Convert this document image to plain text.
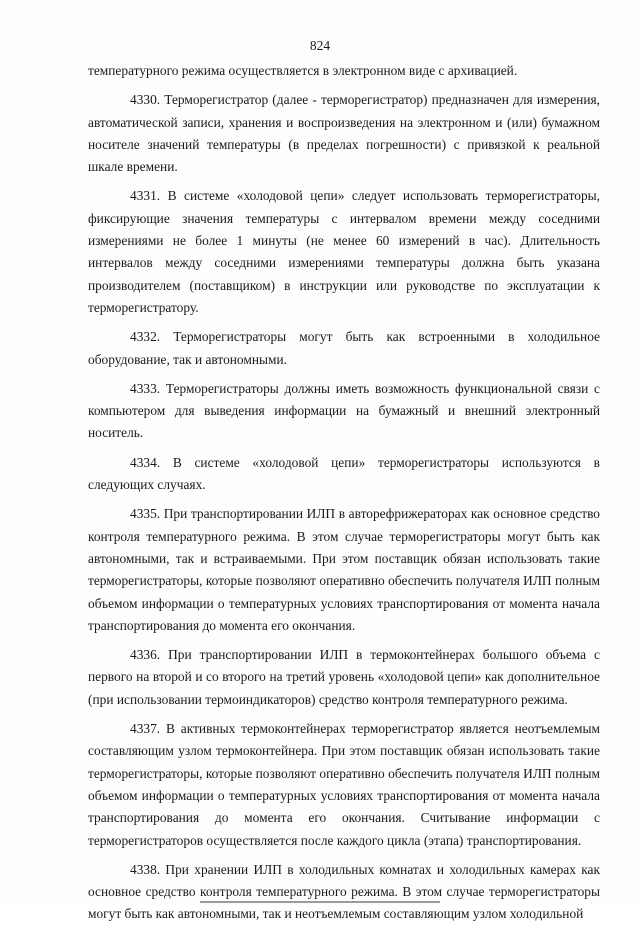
824

температурного режима осуществляется в электронном виде с архивацией.

4330. Терморегистратор (далее - терморегистратор) предназначен для измерения, автоматической записи, хранения и воспроизведения на электронном и (или) бумажном носителе значений температуры (в пределах погрешности) с привязкой к реальной шкале времени.

4331. В системе «холодовой цепи» следует использовать терморегистраторы, фиксирующие значения температуры с интервалом времени между соседними измерениями не более 1 минуты (не менее 60 измерений в час). Длительность интервалов между соседними измерениями температуры должна быть указана производителем (поставщиком) в инструкции или руководстве по эксплуатации к терморегистратору.

4332. Терморегистраторы могут быть как встроенными в холодильное оборудование, так и автономными.

4333. Терморегистраторы должны иметь возможность функциональной связи с компьютером для выведения информации на бумажный и внешний электронный носитель.

4334. В системе «холодовой цепи» терморегистраторы используются в следующих случаях.

4335. При транспортировании ИЛП в авторефрижераторах как основное средство контроля температурного режима. В этом случае терморегистраторы могут быть как автономными, так и встраиваемыми. При этом поставщик обязан использовать такие терморегистраторы, которые позволяют оперативно обеспечить получателя ИЛП полным объемом информации о температурных условиях транспортирования от момента начала транспортирования до момента его окончания.

4336. При транспортировании ИЛП в термоконтейнерах большого объема с первого на второй и со второго на третий уровень «холодовой цепи» как дополнительное (при использовании термоиндикаторов) средство контроля температурного режима.

4337. В активных термоконтейнерах терморегистратор является неотъемлемым составляющим узлом термоконтейнера. При этом поставщик обязан использовать такие терморегистраторы, которые позволяют оперативно обеспечить получателя ИЛП полным объемом информации о температурных условиях транспортирования от момента начала транспортирования до момента его окончания. Считывание информации с терморегистраторов осуществляется после каждого цикла (этапа) транспортирования.

4338. При хранении ИЛП в холодильных комнатах и холодильных камерах как основное средство контроля температурного режима. В этом случае терморегистраторы могут быть как автономными, так и неотъемлемым составляющим узлом холодильной
